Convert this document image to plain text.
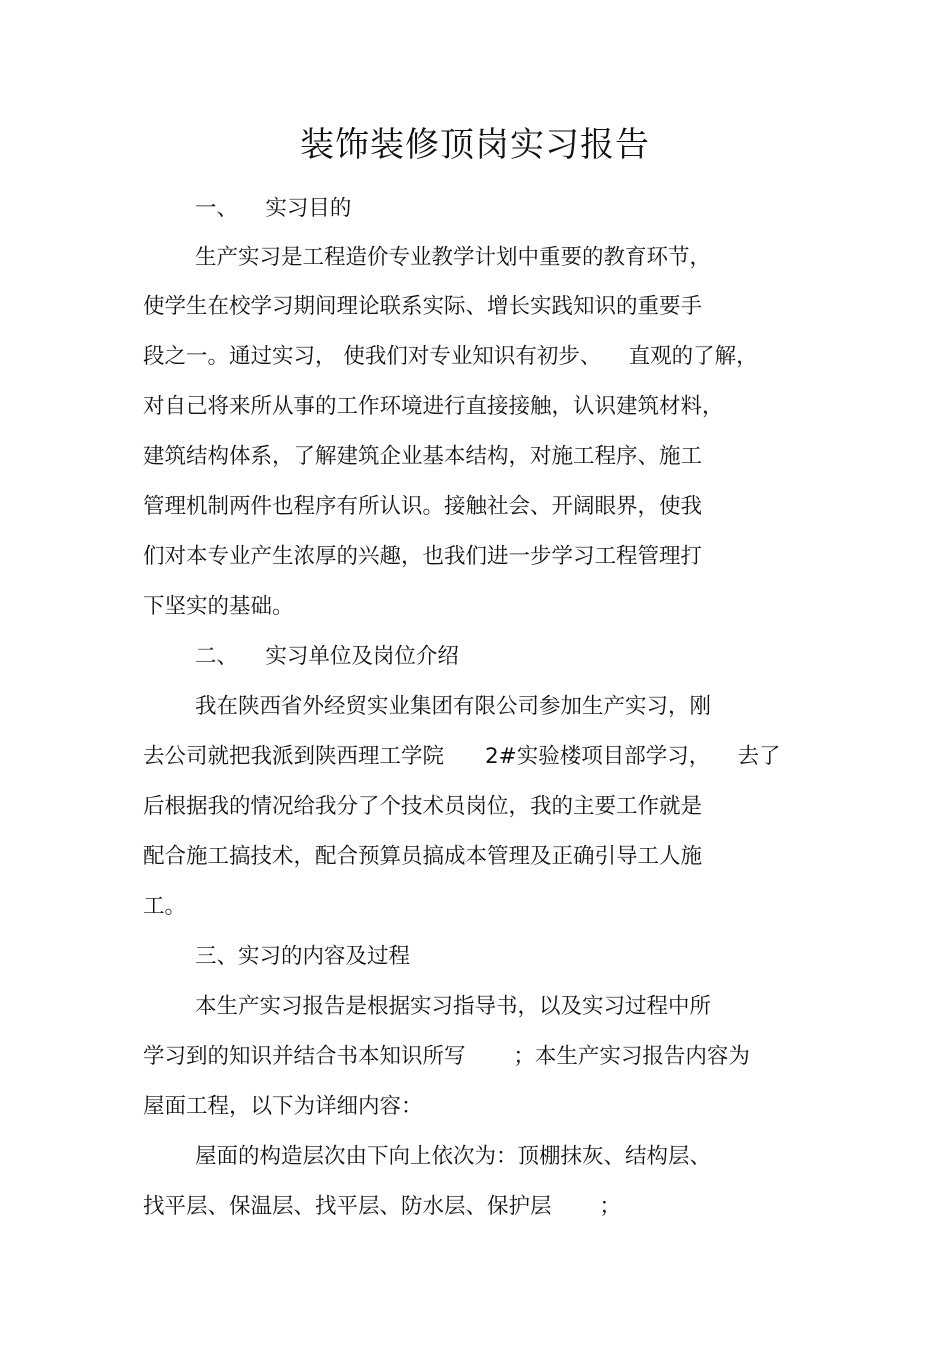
装饰装修顶岗实习报告
一、    实习目的
生产实习是工程造价专业教学计划中重要的教育环节，
使学生在校学习期间理论联系实际、增长实践知识的重要手
段之一。通过实习， 使我们对专业知识有初步、    直观的了解，
对自己将来所从事的工作环境进行直接接触，认识建筑材料，
建筑结构体系，了解建筑企业基本结构，对施工程序、施工
管理机制两件也程序有所认识。接触社会、开阔眼界，使我
们对本专业产生浓厚的兴趣，也我们进一步学习工程管理打
下坚实的基础。
二、    实习单位及岗位介绍
我在陕西省外经贸实业集团有限公司参加生产实习，刚
去公司就把我派到陕西理工学院      2#实验楼项目部学习，    去了
后根据我的情况给我分了个技术员岗位，我的主要工作就是
配合施工搞技术，配合预算员搞成本管理及正确引导工人施
工。
三、实习的内容及过程
本生产实习报告是根据实习指导书，以及实习过程中所
学习到的知识并结合书本知识所写       ；本生产实习报告内容为
屋面工程，以下为详细内容：
屋面的构造层次由下向上依次为：顶棚抹灰、结构层、
找平层、保温层、找平层、防水层、保护层       ；
